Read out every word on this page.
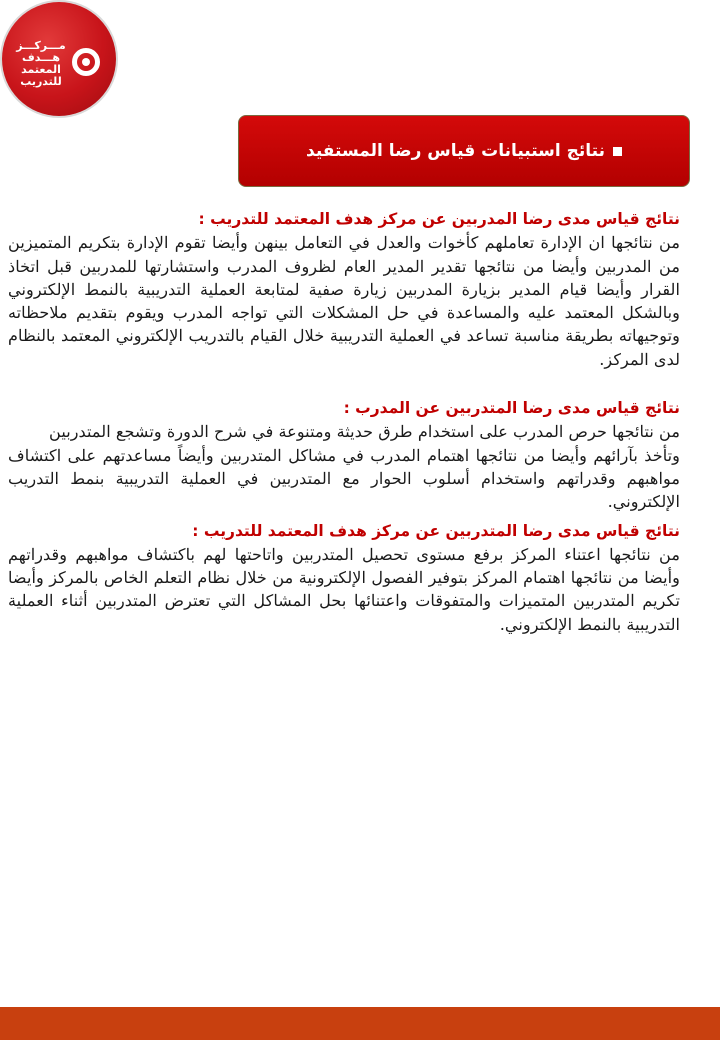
مـــركـــز
هـــدف
المعتمد
للتدريب
نتائج استبيانات قياس رضا المستفيد

نتائج قياس مدى رضا المدربين عن مركز هدف المعتمد للتدريب :

من نتائجها ان الإدارة تعاملهم كأخوات والعدل في التعامل بينهن وأيضا تقوم الإدارة بتكريم المتميزين من المدربين وأيضا من نتائجها تقدير المدير العام لظروف المدرب واستشارتها للمدربين قبل اتخاذ القرار وأيضا قيام المدير بزيارة المدربين زيارة صفية لمتابعة العملية التدريبية بالنمط الإلكتروني وبالشكل المعتمد عليه والمساعدة في حل المشكلات التي تواجه المدرب ويقوم بتقديم ملاحظاته وتوجيهاته بطريقة مناسبة تساعد في العملية التدريبية خلال القيام بالتدريب الإلكتروني المعتمد بالنظام لدى المركز.

نتائج قياس مدى رضا المتدربين عن المدرب :

من نتائجها حرص المدرب على استخدام طرق حديثة ومتنوعة في شرح الدورة وتشجع المتدربين

وتأخذ بآرائهم وأيضا من نتائجها اهتمام المدرب في مشاكل المتدربين وأيضاً مساعدتهم على اكتشاف مواهبهم وقدراتهم واستخدام أسلوب الحوار مع المتدربين في العملية التدريبية بنمط التدريب الإلكتروني.

نتائج قياس مدى رضا المتدربين عن مركز هدف المعتمد للتدريب :

من نتائجها اعتناء المركز برفع مستوى تحصيل المتدربين واتاحتها لهم باكتشاف مواهبهم وقدراتهم وأيضا من نتائجها اهتمام المركز بتوفير الفصول الإلكترونية من خلال نظام التعلم الخاص بالمركز وأيضا تكريم المتدربين المتميزات والمتفوقات واعتنائها بحل المشاكل التي تعترض المتدربين أثناء العملية التدريبية بالنمط الإلكتروني.
